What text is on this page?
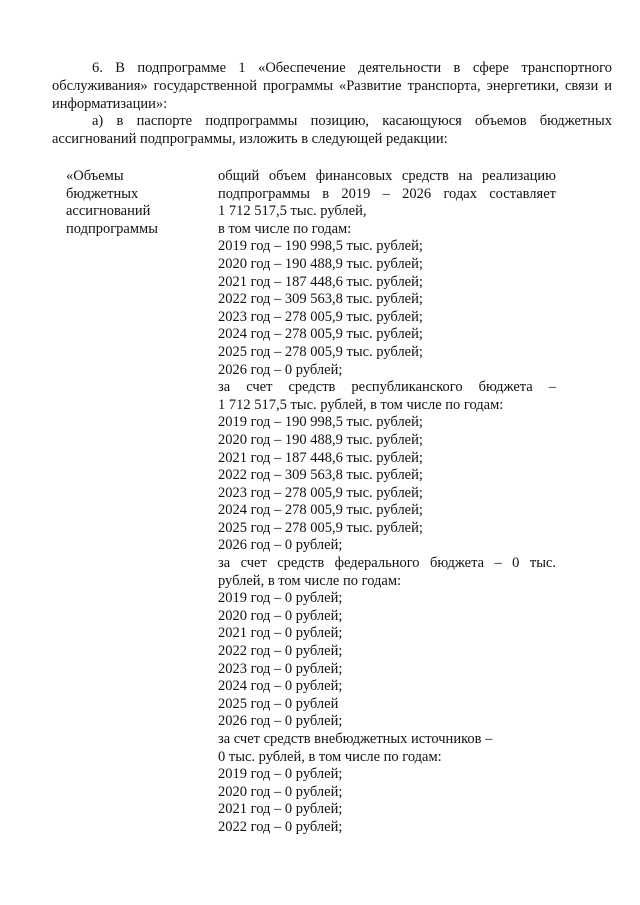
6. В подпрограмме 1 «Обеспечение деятельности в сфере транспортного обслуживания» государственной программы «Развитие транспорта, энергетики, связи и информатизации»:

а) в паспорте подпрограммы позицию, касающуюся объемов бюджетных ассигнований подпрограммы, изложить в следующей редакции:

«Объемы
бюджетных
ассигнований
подпрограммы
общий объем финансовых средств на реализацию
подпрограммы в 2019 – 2026 годах составляет
1 712 517,5 тыс. рублей,
в том числе по годам:
2019 год – 190 998,5 тыс. рублей;
2020 год – 190 488,9 тыс. рублей;
2021 год – 187 448,6 тыс. рублей;
2022 год – 309 563,8 тыс. рублей;
2023 год – 278 005,9 тыс. рублей;
2024 год – 278 005,9 тыс. рублей;
2025 год – 278 005,9 тыс. рублей;
2026 год – 0 рублей;
за счет средств республиканского бюджета –
1 712 517,5 тыс. рублей, в том числе по годам:
2019 год – 190 998,5 тыс. рублей;
2020 год – 190 488,9 тыс. рублей;
2021 год – 187 448,6 тыс. рублей;
2022 год – 309 563,8 тыс. рублей;
2023 год – 278 005,9 тыс. рублей;
2024 год – 278 005,9 тыс. рублей;
2025 год – 278 005,9 тыс. рублей;
2026 год – 0 рублей;
за счет средств федерального бюджета – 0 тыс.
рублей, в том числе по годам:
2019 год – 0 рублей;
2020 год – 0 рублей;
2021 год – 0 рублей;
2022 год – 0 рублей;
2023 год – 0 рублей;
2024 год – 0 рублей;
2025 год – 0 рублей
2026 год – 0 рублей;
за счет средств внебюджетных источников –
0 тыс. рублей, в том числе по годам:
2019 год – 0 рублей;
2020 год – 0 рублей;
2021 год – 0 рублей;
2022 год – 0 рублей;
